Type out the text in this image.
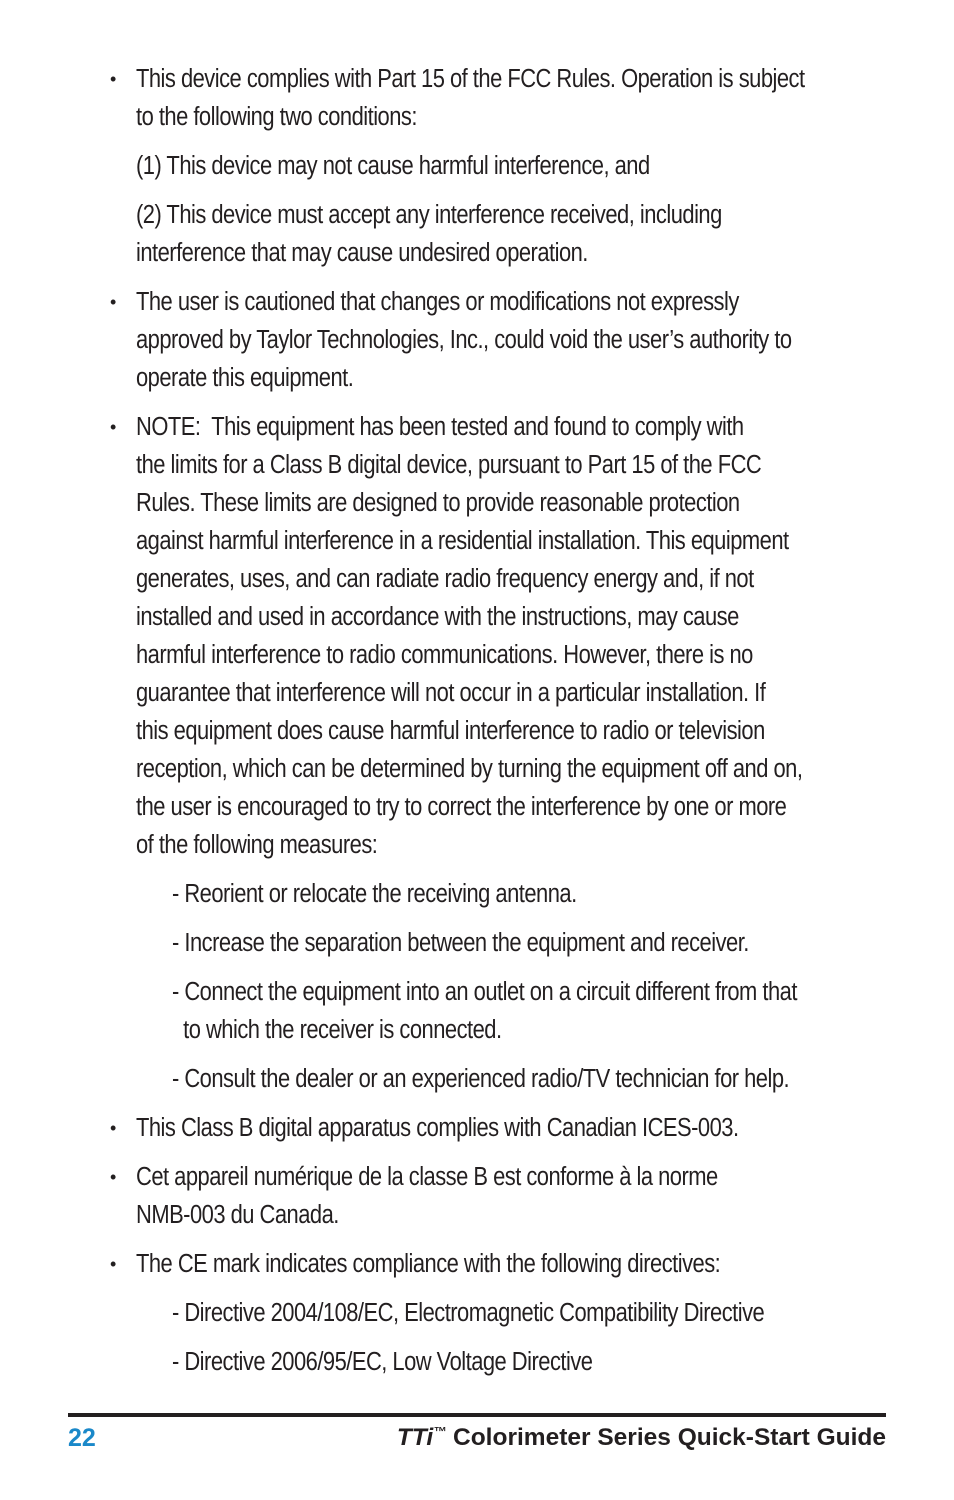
• This device complies with Part 15 of the FCC Rules. Operation is subject
to the following two conditions:
(1) This device may not cause harmful interference, and
(2) This device must accept any interference received, including
interference that may cause undesired operation.
• The user is cautioned that changes or modifications not expressly
approved by Taylor Technologies, Inc., could void the user’s authority to
operate this equipment.
• NOTE:  This equipment has been tested and found to comply with
the limits for a Class B digital device, pursuant to Part 15 of the FCC
Rules. These limits are designed to provide reasonable protection
against harmful interference in a residential installation. This equipment
generates, uses, and can radiate radio frequency energy and, if not
installed and used in accordance with the instructions, may cause
harmful interference to radio communications. However, there is no
guarantee that interference will not occur in a particular installation. If
this equipment does cause harmful interference to radio or television
reception, which can be determined by turning the equipment off and on,
the user is encouraged to try to correct the interference by one or more
of the following measures:
- Reorient or relocate the receiving antenna.
- Increase the separation between the equipment and receiver.
- Connect the equipment into an outlet on a circuit different from that
to which the receiver is connected.
- Consult the dealer or an experienced radio/TV technician for help.
• This Class B digital apparatus complies with Canadian ICES-003.
• Cet appareil numérique de la classe B est conforme à la norme
NMB-003 du Canada.
• The CE mark indicates compliance with the following directives:
- Directive 2004/108/EC, Electromagnetic Compatibility Directive
- Directive 2006/95/EC, Low Voltage Directive
22	TTi™ Colorimeter Series Quick-Start Guide
